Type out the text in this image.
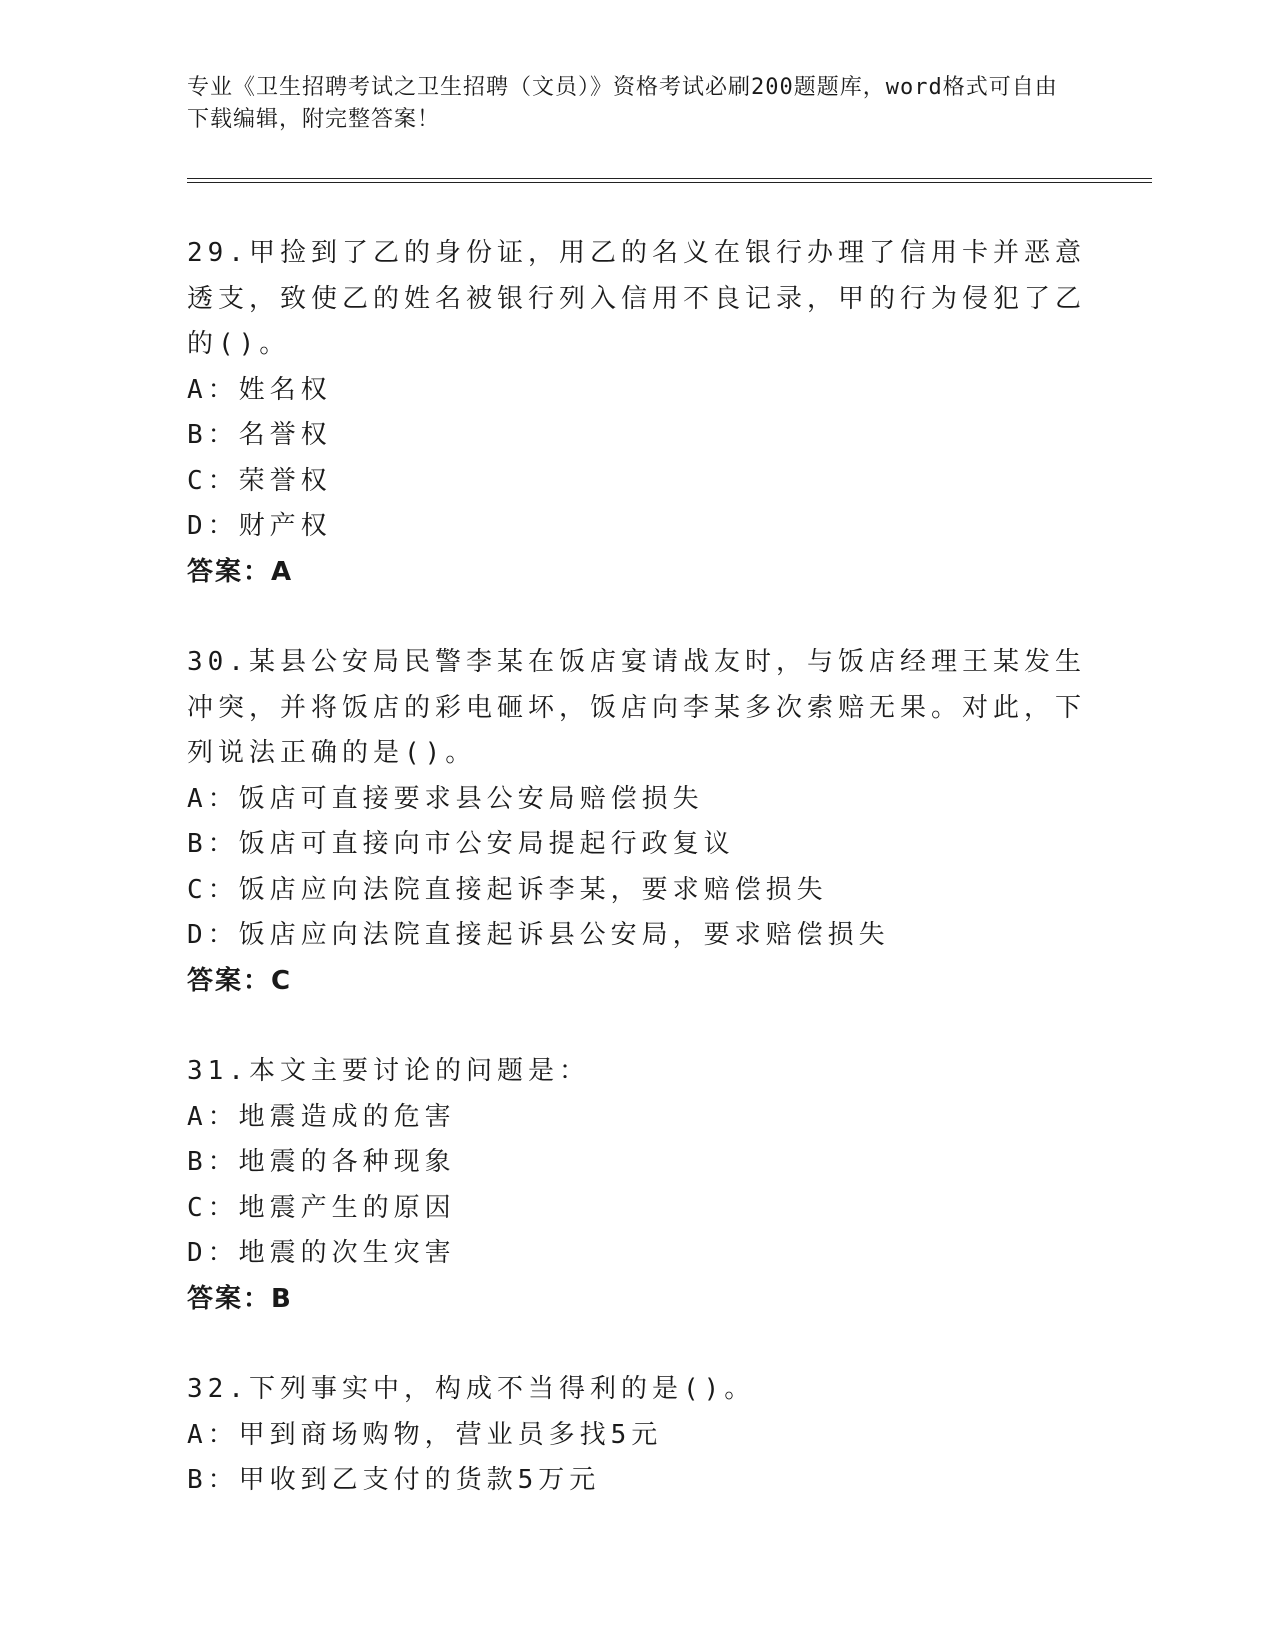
专业《卫生招聘考试之卫生招聘（文员）》资格考试必刷200题题库，word格式可自由下载编辑，附完整答案！

29.甲捡到了乙的身份证，用乙的名义在银行办理了信用卡并恶意透支，致使乙的姓名被银行列入信用不良记录，甲的行为侵犯了乙的()。

A：姓名权

B：名誉权

C：荣誉权

D：财产权

答案：A

30.某县公安局民警李某在饭店宴请战友时，与饭店经理王某发生冲突，并将饭店的彩电砸坏，饭店向李某多次索赔无果。对此，下列说法正确的是()。

A：饭店可直接要求县公安局赔偿损失

B：饭店可直接向市公安局提起行政复议

C：饭店应向法院直接起诉李某，要求赔偿损失

D：饭店应向法院直接起诉县公安局，要求赔偿损失

答案：C

31.本文主要讨论的问题是：

A：地震造成的危害

B：地震的各种现象

C：地震产生的原因

D：地震的次生灾害

答案：B

32.下列事实中，构成不当得利的是()。

A：甲到商场购物，营业员多找5元

B：甲收到乙支付的货款5万元
